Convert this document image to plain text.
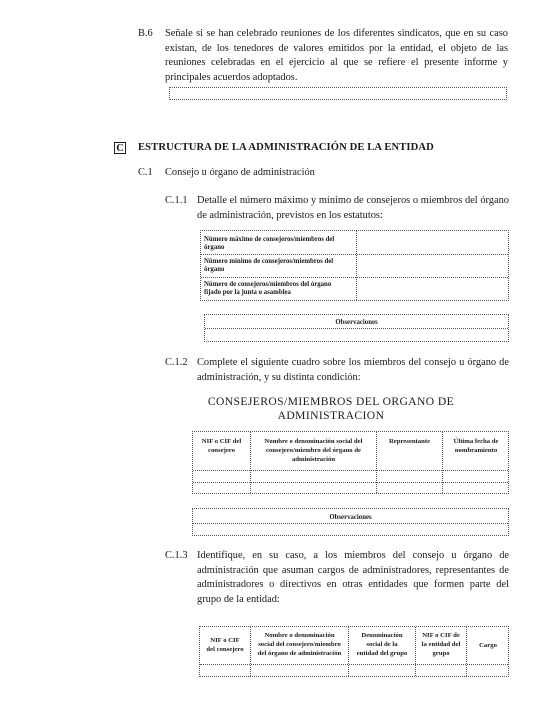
B.6 Señale si se han celebrado reuniones de los diferentes sindicatos, que en su caso
existan, de los tenedores de valores emitidos por la entidad, el objeto de las
reuniones celebradas en el ejercicio al que se refiere el presente informe y
principales acuerdos adoptados.
C ESTRUCTURA DE LA ADMINISTRACIÓN DE LA ENTIDAD
C.1 Consejo u órgano de administración
C.1.1 Detalle el número máximo y mínimo de consejeros o miembros del órgano
de administración, previstos en los estatutos:
Número máximo de consejeros/miembros del
órgano
Número mínimo de consejeros/miembros del
órgano
Número de consejeros/miembros del órgano
fijado por la junta o asamblea
Observaciones
C.1.2 Complete el siguiente cuadro sobre los miembros del consejo u órgano de
administración, y su distinta condición:
CONSEJEROS/MIEMBROS DEL ORGANO DE
ADMINISTRACION
NIF o CIF del
consejero
Nombre o denominación social del
consejero/miembro del órgano de
administración
Representante	Última fecha de
nombramiento
Observaciones
C.1.3 Identifique, en su caso, a los miembros del consejo u órgano de
administración que asuman cargos de administradores, representantes de
administradores o directivos en otras entidades que formen parte del
grupo de la entidad:
NIF o CIF
del consejero
Nombre o denominación
social del consejero/miembro
del órgano de administración
Denominación
social de la
entidad del grupo
NIF o CIF de
la entidad del
grupo
Cargo
